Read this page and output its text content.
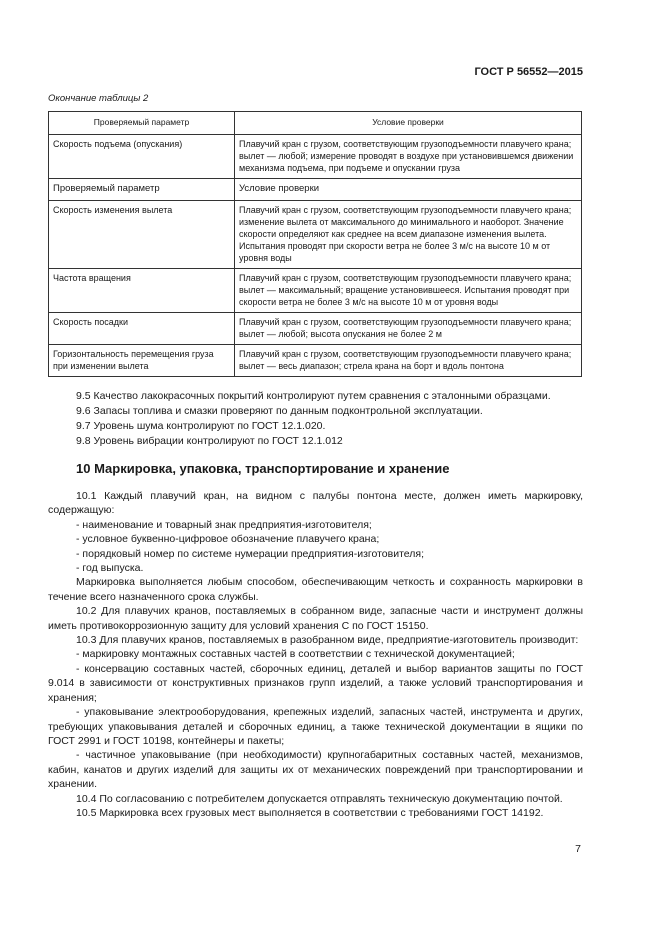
ГОСТ Р 56552—2015
Окончание таблицы 2
Проверяемый параметр	Условие проверки
Скорость подъема (опускания)	Плавучий кран с грузом, соответствующим грузоподъемности плавучего крана; вылет — любой; измерение проводят в воздухе при установившемся движении механизма подъема, при подъеме и опускании груза
Проверяемый параметр	Условие проверки
Скорость изменения вылета	Плавучий кран с грузом, соответствующим грузоподъемности плавучего крана; изменение вылета от максимального до минимального и наоборот. Значение скорости определяют как среднее на всем диапазоне изменения вылета. Испытания проводят при скорости ветра не более 3 м/с на высоте 10 м от уровня воды
Частота вращения	Плавучий кран с грузом, соответствующим грузоподъемности плавучего крана; вылет — максимальный; вращение установившееся. Испытания проводят при скорости ветра не более 3 м/с на высоте 10 м от уровня воды
Скорость посадки	Плавучий кран с грузом, соответствующим грузоподъемности плавучего крана; вылет — любой; высота опускания не более 2 м
Горизонтальность перемещения груза при изменении вылета	Плавучий кран с грузом, соответствующим грузоподъемности плавучего крана; вылет — весь диапазон; стрела крана на борт и вдоль понтона
9.5 Качество лакокрасочных покрытий контролируют путем сравнения с эталонными образцами.
9.6 Запасы топлива и смазки проверяют по данным подконтрольной эксплуатации.
9.7 Уровень шума контролируют по ГОСТ 12.1.020.
9.8 Уровень вибрации контролируют по ГОСТ 12.1.012
10 Маркировка, упаковка, транспортирование и хранение
10.1 Каждый плавучий кран, на видном с палубы понтона месте, должен иметь маркировку, содержащую:
- наименование и товарный знак предприятия-изготовителя;
- условное буквенно-цифровое обозначение плавучего крана;
- порядковый номер по системе нумерации предприятия-изготовителя;
- год выпуска.
Маркировка выполняется любым способом, обеспечивающим четкость и сохранность маркировки в течение всего назначенного срока службы.
10.2 Для плавучих кранов, поставляемых в собранном виде, запасные части и инструмент должны иметь противокоррозионную защиту для условий хранения С по ГОСТ 15150.
10.3 Для плавучих кранов, поставляемых в разобранном виде, предприятие-изготовитель производит:
- маркировку монтажных составных частей в соответствии с технической документацией;
- консервацию составных частей, сборочных единиц, деталей и выбор вариантов защиты по ГОСТ 9.014 в зависимости от конструктивных признаков групп изделий, а также условий транспортирования и хранения;
- упаковывание электрооборудования, крепежных изделий, запасных частей, инструмента и других, требующих упаковывания деталей и сборочных единиц, а также технической документации в ящики по ГОСТ 2991 и ГОСТ 10198, контейнеры и пакеты;
- частичное упаковывание (при необходимости) крупногабаритных составных частей, механизмов, кабин, канатов и других изделий для защиты их от механических повреждений при транспортировании и хранении.
10.4 По согласованию с потребителем допускается отправлять техническую документацию почтой.
10.5 Маркировка всех грузовых мест выполняется в соответствии с требованиями ГОСТ 14192.
7
